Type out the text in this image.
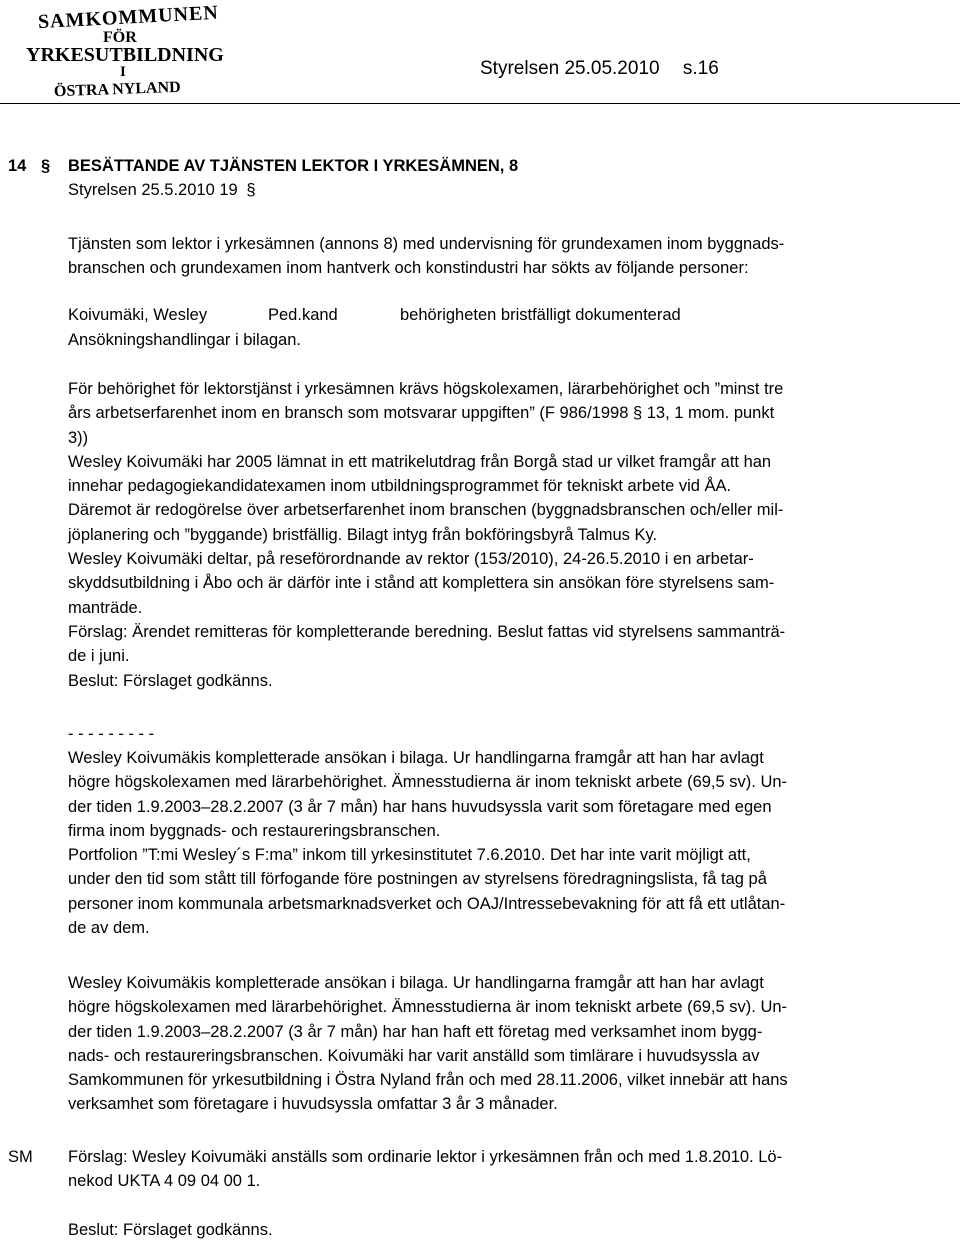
SAMKOMMUNEN
FÖR
YRKESUTBILDNING
I
ÖSTRA NYLAND
Styrelsen 25.05.2010 s.16
14 § BESÄTTANDE AV TJÄNSTEN LEKTOR I YRKESÄMNEN, 8
Styrelsen 25.5.2010 19 §

Tjänsten som lektor i yrkesämnen (annons 8) med undervisning för grundexamen inom byggnads-

branschen och grundexamen inom hantverk och konstindustri har sökts av följande personer:

Koivumäki, Wesley	Ped.kand	behörigheten bristfälligt dokumenterad
Ansökningshandlingar i bilagan.

För behörighet för lektorstjänst i yrkesämnen krävs högskolexamen, lärarbehörighet och ”minst tre

års arbetserfarenhet inom en bransch som motsvarar uppgiften” (F 986/1998 § 13, 1 mom. punkt

3))

Wesley Koivumäki har 2005 lämnat in ett matrikelutdrag från Borgå stad ur vilket framgår att han

innehar pedagogiekandidatexamen inom utbildningsprogrammet för tekniskt arbete vid ÅA.

Däremot är redogörelse över arbetserfarenhet inom branschen (byggnadsbranschen och/eller mil-

jöplanering och ”byggande) bristfällig. Bilagt intyg från bokföringsbyrå Talmus Ky.

Wesley Koivumäki deltar, på reseförordnande av rektor (153/2010), 24-26.5.2010 i en arbetar-

skyddsutbildning i Åbo och är därför inte i stånd att komplettera sin ansökan före styrelsens sam-

manträde.

Förslag: Ärendet remitteras för kompletterande beredning. Beslut fattas vid styrelsens sammanträ-

de i juni.

Beslut: Förslaget godkänns.

- - - - - - - - -

Wesley Koivumäkis kompletterade ansökan i bilaga. Ur handlingarna framgår att han har avlagt

högre högskolexamen med lärarbehörighet. Ämnesstudierna är inom tekniskt arbete (69,5 sv). Un-

der tiden 1.9.2003–28.2.2007 (3 år 7 mån) har hans huvudsyssla varit som företagare med egen

firma inom byggnads- och restaureringsbranschen.

Portfolion ”T:mi Wesley´s F:ma” inkom till yrkesinstitutet 7.6.2010. Det har inte varit möjligt att,

under den tid som stått till förfogande före postningen av styrelsens föredragningslista, få tag på

personer inom kommunala arbetsmarknadsverket och OAJ/Intressebevakning för att få ett utlåtan-

de av dem.

Wesley Koivumäkis kompletterade ansökan i bilaga. Ur handlingarna framgår att han har avlagt

högre högskolexamen med lärarbehörighet. Ämnesstudierna är inom tekniskt arbete (69,5 sv). Un-

der tiden 1.9.2003–28.2.2007 (3 år 7 mån) har han haft ett företag med verksamhet inom bygg-

nads- och restaureringsbranschen. Koivumäki har varit anställd som timlärare i huvudsyssla av

Samkommunen för yrkesutbildning i Östra Nyland från och med 28.11.2006, vilket innebär att hans

verksamhet som företagare i huvudsyssla omfattar 3 år 3 månader.

SM Förslag: Wesley Koivumäki anställs som ordinarie lektor i yrkesämnen från och med 1.8.2010. Lö-

nekod UKTA 4 09 04 00 1.

Beslut: Förslaget godkänns.
